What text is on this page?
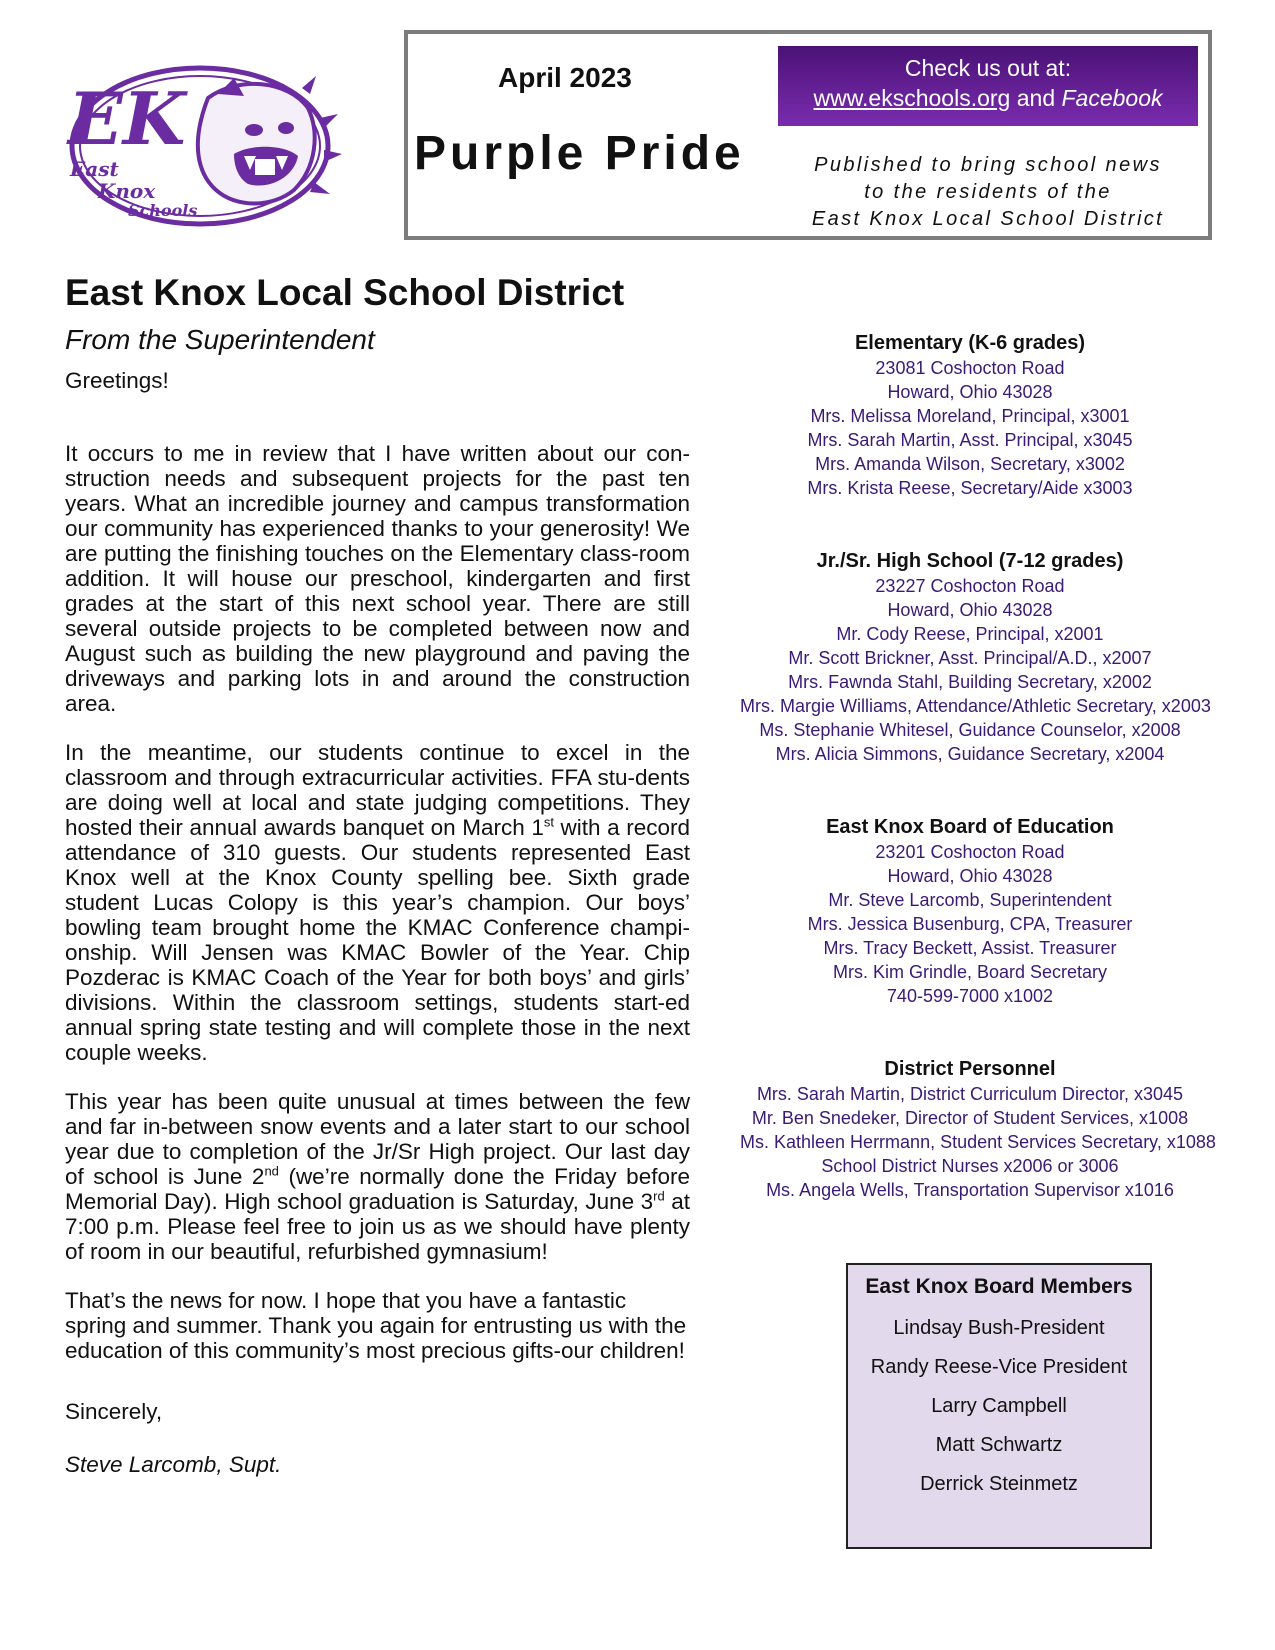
EK
East
Knox
Schools
April 2023
Purple Pride
Check us out at:
www.ekschools.org and Facebook
Published to bring school news
to the residents of the
East Knox Local School District
East Knox Local School District
From the Superintendent

Greetings!

It occurs to me in review that I have written about our con-struction needs and subsequent projects for the past ten years. What an incredible journey and campus transformation our community has experienced thanks to your generosity! We are putting the finishing touches on the Elementary class-room addition. It will house our preschool, kindergarten and first grades at the start of this next school year. There are still several outside projects to be completed between now and August such as building the new playground and paving the driveways and parking lots in and around the construction area.

In the meantime, our students continue to excel in the classroom and through extracurricular activities. FFA stu-dents are doing well at local and state judging competitions. They hosted their annual awards banquet on March 1st with a record attendance of 310 guests. Our students represented East Knox well at the Knox County spelling bee. Sixth grade student Lucas Colopy is this year’s champion. Our boys’ bowling team brought home the KMAC Conference champi-onship. Will Jensen was KMAC Bowler of the Year. Chip Pozderac is KMAC Coach of the Year for both boys’ and girls’ divisions. Within the classroom settings, students start-ed annual spring state testing and will complete those in the next couple weeks.

This year has been quite unusual at times between the few and far in-between snow events and a later start to our school year due to completion of the Jr/Sr High project. Our last day of school is June 2nd (we’re normally done the Friday before Memorial Day). High school graduation is Saturday, June 3rd at 7:00 p.m. Please feel free to join us as we should have plenty of room in our beautiful, refurbished gymnasium!

That’s the news for now. I hope that you have a fantastic spring and summer. Thank you again for entrusting us with the education of this community’s most precious gifts-our children!

Sincerely,

Steve Larcomb, Supt.

Elementary (K-6 grades)
23081 Coshocton Road
Howard, Ohio 43028
Mrs. Melissa Moreland, Principal, x3001
Mrs. Sarah Martin, Asst. Principal, x3045
Mrs. Amanda Wilson, Secretary, x3002
Mrs. Krista Reese, Secretary/Aide x3003
Jr./Sr. High School (7-12 grades)
23227 Coshocton Road
Howard, Ohio 43028
Mr. Cody Reese, Principal, x2001
Mr. Scott Brickner, Asst. Principal/A.D., x2007
Mrs. Fawnda Stahl, Building Secretary, x2002
Mrs. Margie Williams, Attendance/Athletic Secretary, x2003
Ms. Stephanie Whitesel, Guidance Counselor, x2008
Mrs. Alicia Simmons, Guidance Secretary, x2004
East Knox Board of Education
23201 Coshocton Road
Howard, Ohio 43028
Mr. Steve Larcomb, Superintendent
Mrs. Jessica Busenburg, CPA, Treasurer
Mrs. Tracy Beckett, Assist. Treasurer
Mrs. Kim Grindle, Board Secretary
740-599-7000 x1002
District Personnel
Mrs. Sarah Martin, District Curriculum Director, x3045
Mr. Ben Snedeker, Director of Student Services, x1008
Ms. Kathleen Herrmann, Student Services Secretary, x1088
School District Nurses x2006 or 3006
Ms. Angela Wells, Transportation Supervisor x1016
East Knox Board Members
Lindsay Bush-President
Randy Reese-Vice President
Larry Campbell
Matt Schwartz
Derrick Steinmetz
